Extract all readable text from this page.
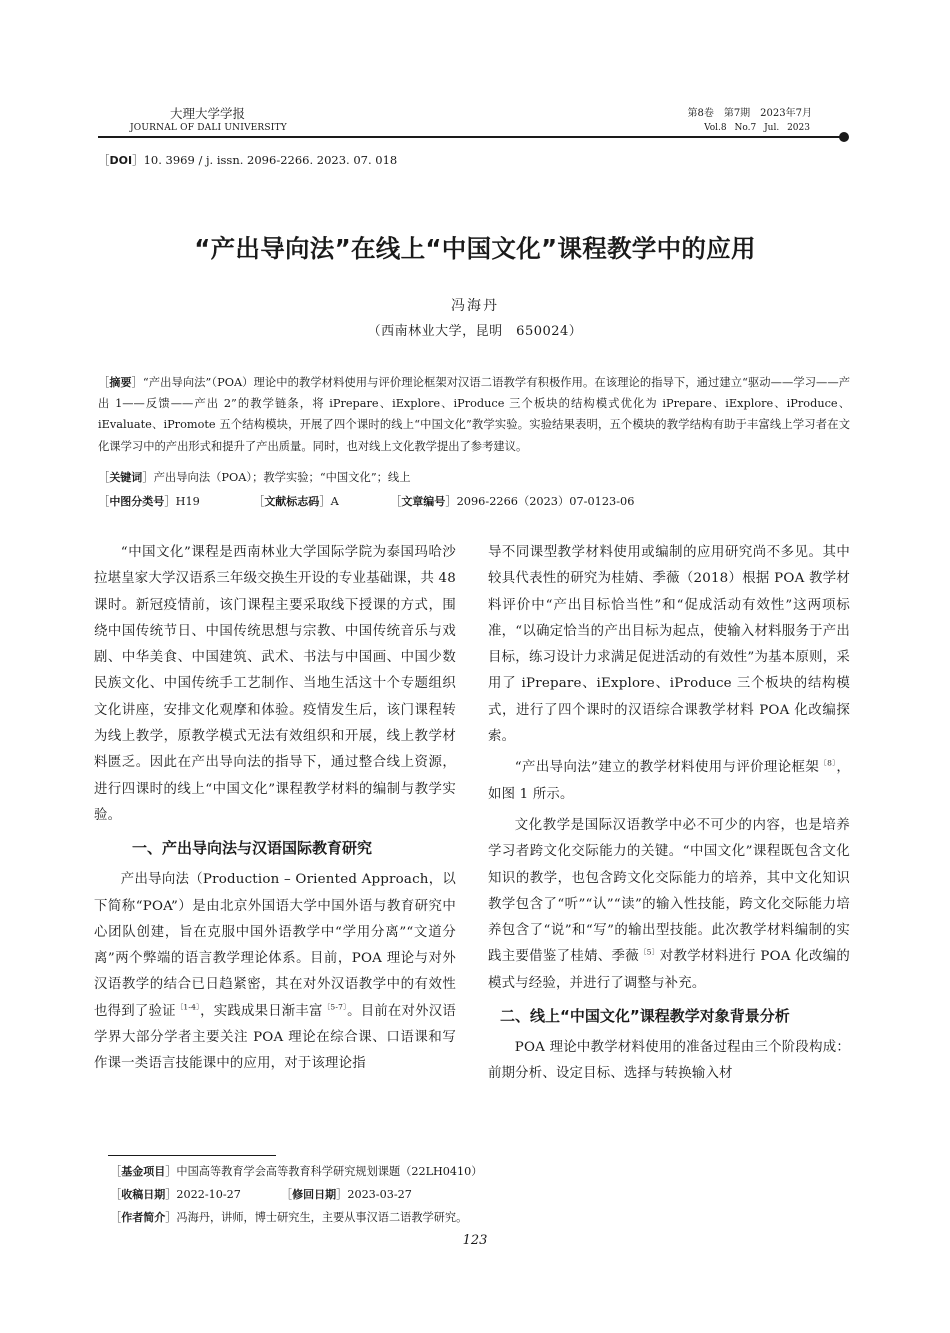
大理大学学报
JOURNAL OF DALI UNIVERSITY
第8卷　第7期　2023年7月
Vol.8 No.7 Jul. 2023
［DOI］10. 3969 / j. issn. 2096-2266. 2023. 07. 018
“产出导向法”在线上“中国文化”课程教学中的应用
冯海丹
（西南林业大学，昆明　650024）
［摘要］“产出导向法”（POA）理论中的教学材料使用与评价理论框架对汉语二语教学有积极作用。在该理论的指导下，通过建立“驱动——学习——产出 1——反馈——产出 2”的教学链条，将 iPrepare、iExplore、iProduce 三个板块的结构模式优化为 iPrepare、iExplore、iProduce、iEvaluate、iPromote 五个结构模块，开展了四个课时的线上“中国文化”教学实验。实验结果表明，五个模块的教学结构有助于丰富线上学习者在文化课学习中的产出形式和提升了产出质量。同时，也对线上文化教学提出了参考建议。
［关键词］产出导向法（POA）；教学实验；“中国文化”；线上
［中图分类号］H19	［文献标志码］A	［文章编号］2096-2266（2023）07-0123-06

“中国文化”课程是西南林业大学国际学院为泰国玛哈沙拉堪皇家大学汉语系三年级交换生开设的专业基础课，共 48 课时。新冠疫情前，该门课程主要采取线下授课的方式，围绕中国传统节日、中国传统思想与宗教、中国传统音乐与戏剧、中华美食、中国建筑、武术、书法与中国画、中国少数民族文化、中国传统手工艺制作、当地生活这十个专题组织文化讲座，安排文化观摩和体验。疫情发生后，该门课程转为线上教学，原教学模式无法有效组织和开展，线上教学材料匮乏。因此在产出导向法的指导下，通过整合线上资源，进行四课时的线上“中国文化”课程教学材料的编制与教学实验。

一、产出导向法与汉语国际教育研究

产出导向法（Production – Oriented Approach，以下简称“POA”）是由北京外国语大学中国外语与教育研究中心团队创建，旨在克服中国外语教学中“学用分离”“文道分离”两个弊端的语言教学理论体系。目前，POA 理论与对外汉语教学的结合已日趋紧密，其在对外汉语教学中的有效性也得到了验证$^{〔1-4〕}$，实践成果日渐丰富$^{〔5-7〕}$。目前在对外汉语学界大部分学者主要关注 POA 理论在综合课、口语课和写作课一类语言技能课中的应用，对于该理论指

导不同课型教学材料使用或编制的应用研究尚不多见。其中较具代表性的研究为桂婧、季薇（2018）根据 POA 教学材料评价中“产出目标恰当性”和“促成活动有效性”这两项标准，“以确定恰当的产出目标为起点，使输入材料服务于产出目标，练习设计力求满足促进活动的有效性”为基本原则，采用了 iPrepare、iExplore、iProduce 三个板块的结构模式，进行了四个课时的汉语综合课教学材料 POA 化改编探索。

“产出导向法”建立的教学材料使用与评价理论框架$^{〔8〕}$，如图 1 所示。

文化教学是国际汉语教学中必不可少的内容，也是培养学习者跨文化交际能力的关键。“中国文化”课程既包含文化知识的教学，也包含跨文化交际能力的培养，其中文化知识教学包含了“听”“认”“读”的输入性技能，跨文化交际能力培养包含了“说”和“写”的输出型技能。此次教学材料编制的实践主要借鉴了桂婧、季薇$^{〔5〕}$对教学材料进行 POA 化改编的模式与经验，并进行了调整与补充。

二、线上“中国文化”课程教学对象背景分析

POA 理论中教学材料使用的准备过程由三个阶段构成：前期分析、设定目标、选择与转换输入材

［基金项目］中国高等教育学会高等教育科学研究规划课题（22LH0410）
［收稿日期］2022-10-27	［修回日期］2023-03-27
［作者简介］冯海丹，讲师，博士研究生，主要从事汉语二语教学研究。
123
